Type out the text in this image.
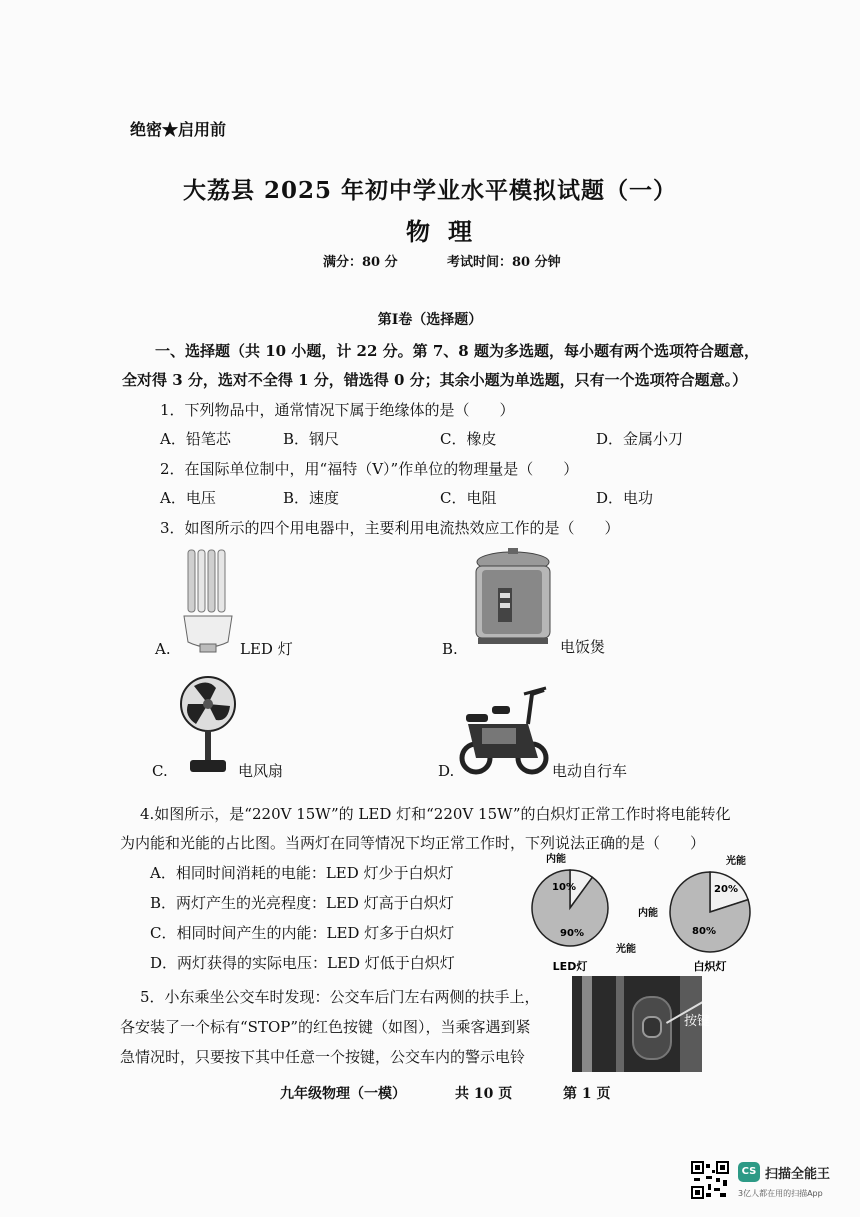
绝密★启用前
大荔县 2025 年初中学业水平模拟试题（一）
物理
满分：80 分	考试时间：80 分钟
第Ⅰ卷（选择题）
一、选择题（共 10 小题，计 22 分。第 7、8 题为多选题，每小题有两个选项符合题意，
全对得 3 分，选对不全得 1 分，错选得 0 分；其余小题为单选题，只有一个选项符合题意。）
1．下列物品中，通常情况下属于绝缘体的是（　　）
A．铅笔芯	B．钢尺	C．橡皮	D．金属小刀
2．在国际单位制中，用“福特（V）”作单位的物理量是（　　）
A．电压	B．速度	C．电阻	D．电功
3．如图所示的四个用电器中，主要利用电流热效应工作的是（　　）
A.	LED 灯	B.	电饭煲
C.	电风扇	D.	电动自行车
4.如图所示，是“220V 15W”的 LED 灯和“220V 15W”的白炽灯正常工作时将电能转化
为内能和光能的占比图。当两灯在同等情况下均正常工作时，下列说法正确的是（　　）
A．相同时间消耗的电能：LED 灯少于白炽灯
B．两灯产生的光亮程度：LED 灯高于白炽灯
C．相同时间产生的内能：LED 灯多于白炽灯
D．两灯获得的实际电压：LED 灯低于白炽灯
10%
90%
内能
光能
LED灯
20%
80%
光能
内能
白炽灯
5．小东乘坐公交车时发现：公交车后门左右两侧的扶手上，
各安装了一个标有“STOP”的红色按键（如图），当乘客遇到紧
急情况时，只要按下其中任意一个按键，公交车内的警示电铃
按键
九年级物理（一模）	共 10 页	第 1 页
CS 扫描全能王
3亿人都在用的扫描App
